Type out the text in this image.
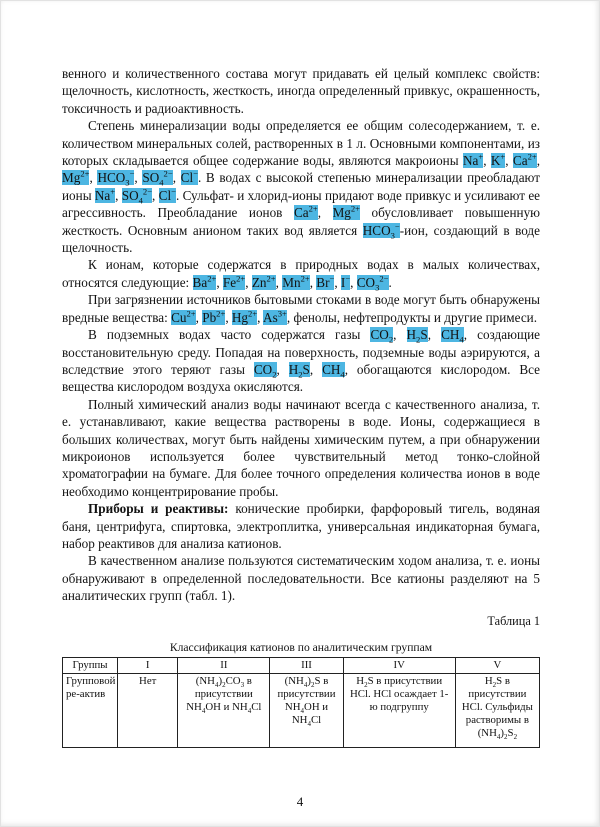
венного и количественного состава могут придавать ей целый комплекс свойств: щелочность, кислотность, жесткость, иногда определенный привкус, окрашенность, токсичность и радиоактивность.

Степень минерализации воды определяется ее общим солесодержанием, т. е. количеством минеральных солей, растворенных в 1 л. Основными компонентами, из которых складывается общее содержание воды, являются макроионы Na+, K+, $Ca^{2+}$, $Mg^{2+}$, $HCO_3^-$, $SO_4^{2-}$, Cl−. В водах с высокой степенью минерализации преобладают ионы Na+, $SO_4^{2-}$, Cl−. Сульфат- и хлорид-ионы придают воде привкус и усиливают ее агрессивность. Преобладание ионов $Ca^{2+}$, $Mg^{2+}$ обусловливает повышенную жесткость. Основным анионом таких вод является $HCO_3^-$-ион, создающий в воде щелочность.

К ионам, которые содержатся в природных водах в малых количествах, относятся следующие: $Ba^{2+}$, $Fe^{2+}$, $Zn^{2+}$, $Mn^{2+}$, Br−, I−, $CO_3^{2-}$.

При загрязнении источников бытовыми стоками в воде могут быть обнаружены вредные вещества: $Cu^{2+}$, $Pb^{2+}$, $Hg^{2+}$, $As^{3+}$, фенолы, нефтепродукты и другие примеси.

В подземных водах часто содержатся газы $CO_2$, $H_2S$, $CH_4$, создающие восстановительную среду. Попадая на поверхность, подземные воды аэрируются, а вследствие этого теряют газы $CO_2$, $H_2S$, $CH_4$, обогащаются кислородом. Все вещества кислородом воздуха окисляются.

Полный химический анализ воды начинают всегда с качественного анализа, т. е. устанавливают, какие вещества растворены в воде. Ионы, содержащиеся в больших количествах, могут быть найдены химическим путем, а при обнаружении микроионов используется более чувствительный метод тонко-слойной хроматографии на бумаге. Для более точного определения количества ионов в воде необходимо концентрирование пробы.

Приборы и реактивы: конические пробирки, фарфоровый тигель, водяная баня, центрифуга, спиртовка, электроплитка, универсальная индикаторная бумага, набор реактивов для анализа катионов.

В качественном анализе пользуются систематическим ходом анализа, т. е. ионы обнаруживают в определенной последовательности. Все катионы разделяют на 5 аналитических групп (табл. 1).

Таблица 1
Классификация катионов по аналитическим группам
Группы	I	II	III	IV	V
Групповой ре-актив	Нет	$(NH_4)_2CO_3$ в присутствии $NH_4OH$ и $NH_4Cl$	$(NH_4)_2S$ в присутствии $NH_4OH$ и $NH_4Cl$	$H_2S$ в присутствии HCl. HCl осаждает 1-ю подгруппу	$H_2S$ в присутствии HCl. Сульфиды растворимы в $(NH_4)_2S_2$
4
